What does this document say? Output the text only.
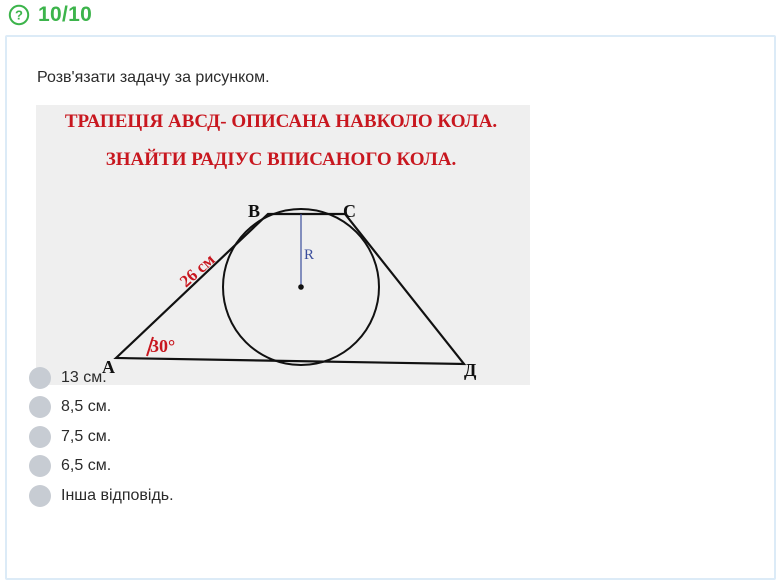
? 10/10
Розв'язати задачу за рисунком.
ТРАПЕЦІЯ АВСД- ОПИСАНА НАВКОЛО КОЛА.
ЗНАЙТИ РАДІУС ВПИСАНОГО КОЛА.
R
В	С
А	Д
26 см
30°
13 см.
8,5 см.
7,5 см.
6,5 см.
Інша відповідь.
